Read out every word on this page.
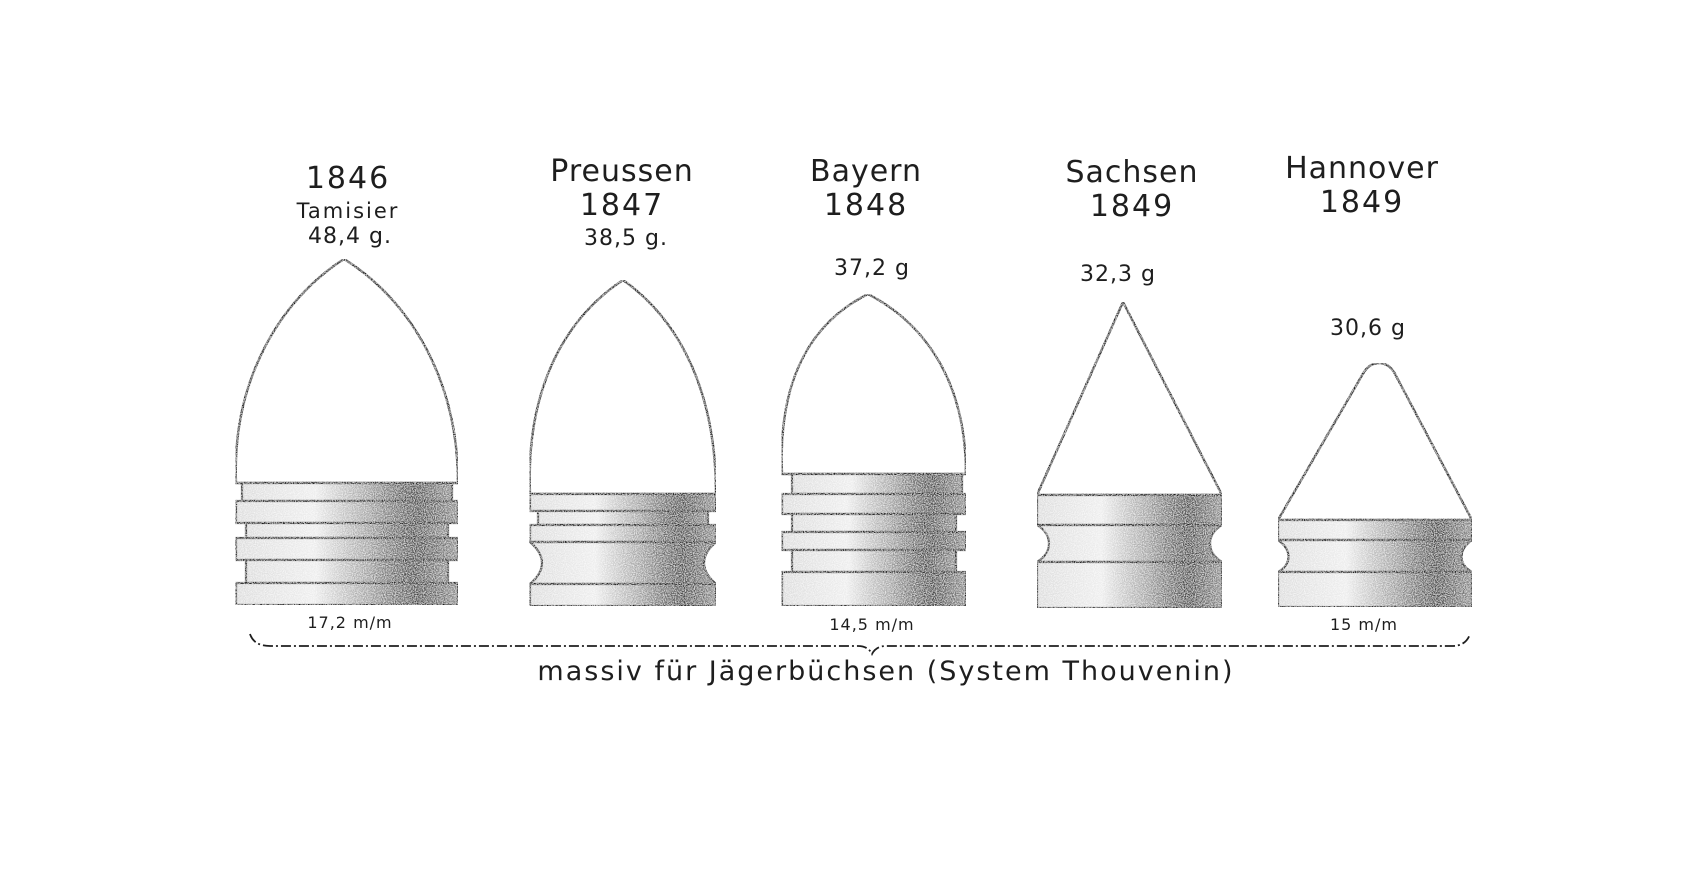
1846
Tamisier
48,4 g.
17,2 m/m
Preussen
1847
38,5 g.
Bayern
1848
37,2 g
14,5 m/m
Sachsen
1849
32,3 g
Hannover
1849
30,6 g
15 m/m
massiv für Jägerbüchsen (System Thouvenin)
